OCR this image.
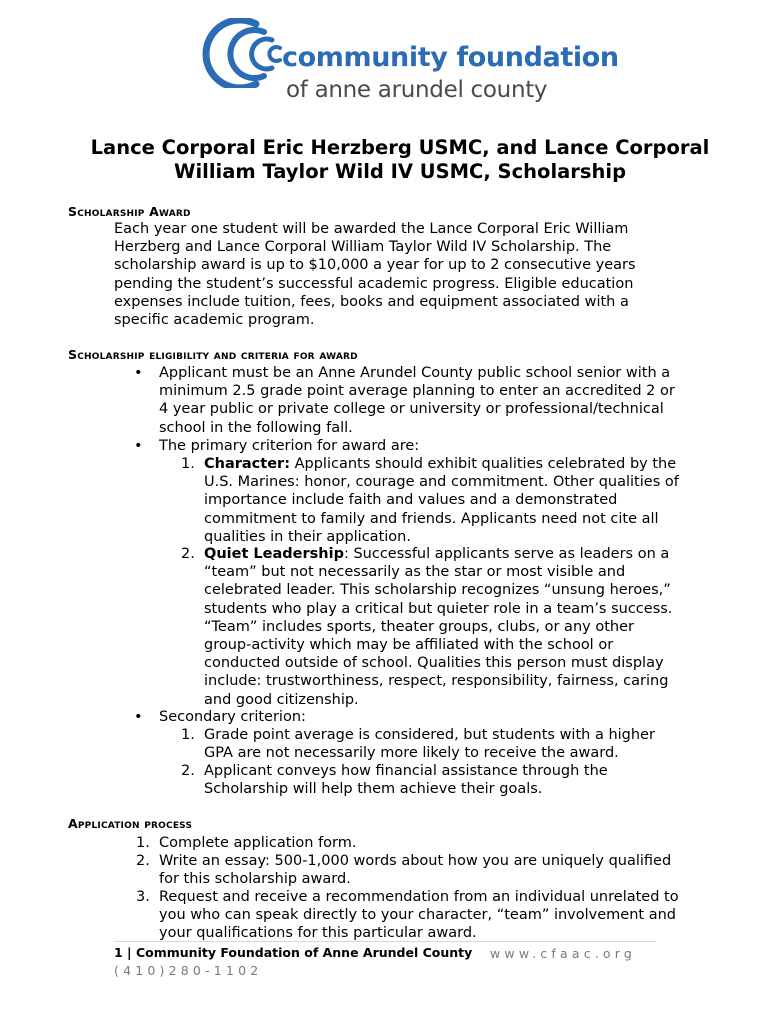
community foundation
of anne arundel county
Lance Corporal Eric Herzberg USMC, and Lance Corporal
William Taylor Wild IV USMC, Scholarship
Scholarship Award
Each year one student will be awarded the Lance Corporal Eric William
Herzberg and Lance Corporal William Taylor Wild IV Scholarship. The
scholarship award is up to $10,000 a year for up to 2 consecutive years
pending the student’s successful academic progress. Eligible education
expenses include tuition, fees, books and equipment associated with a
specific academic program.
Scholarship eligibility and criteria for award
• Applicant must be an Anne Arundel County public school senior with a
minimum 2.5 grade point average planning to enter an accredited 2 or
4 year public or private college or university or professional/technical
school in the following fall.
• The primary criterion for award are:
1. Character: Applicants should exhibit qualities celebrated by the
U.S. Marines: honor, courage and commitment. Other qualities of
importance include faith and values and a demonstrated
commitment to family and friends. Applicants need not cite all
qualities in their application.
2. Quiet Leadership: Successful applicants serve as leaders on a
“team” but not necessarily as the star or most visible and
celebrated leader. This scholarship recognizes “unsung heroes,”
students who play a critical but quieter role in a team’s success.
“Team” includes sports, theater groups, clubs, or any other
group-activity which may be affiliated with the school or
conducted outside of school. Qualities this person must display
include: trustworthiness, respect, responsibility, fairness, caring
and good citizenship.
• Secondary criterion:
1. Grade point average is considered, but students with a higher
GPA are not necessarily more likely to receive the award.
2. Applicant conveys how financial assistance through the
Scholarship will help them achieve their goals.
Application process
1. Complete application form.
2. Write an essay: 500-1,000 words about how you are uniquely qualified
for this scholarship award.
3. Request and receive a recommendation from an individual unrelated to
you who can speak directly to your character, “team” involvement and
your qualifications for this particular award.
1 | Community Foundation of Anne Arundel County www.cfaac.org
(410)280-1102
